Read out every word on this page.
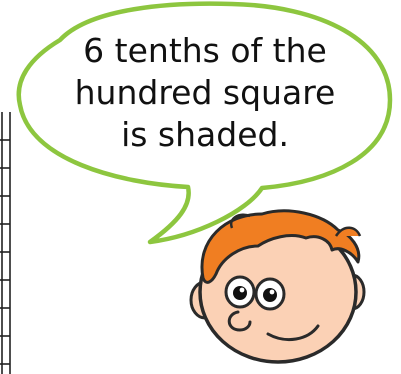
6 tenths of the
hundred square
is shaded.
